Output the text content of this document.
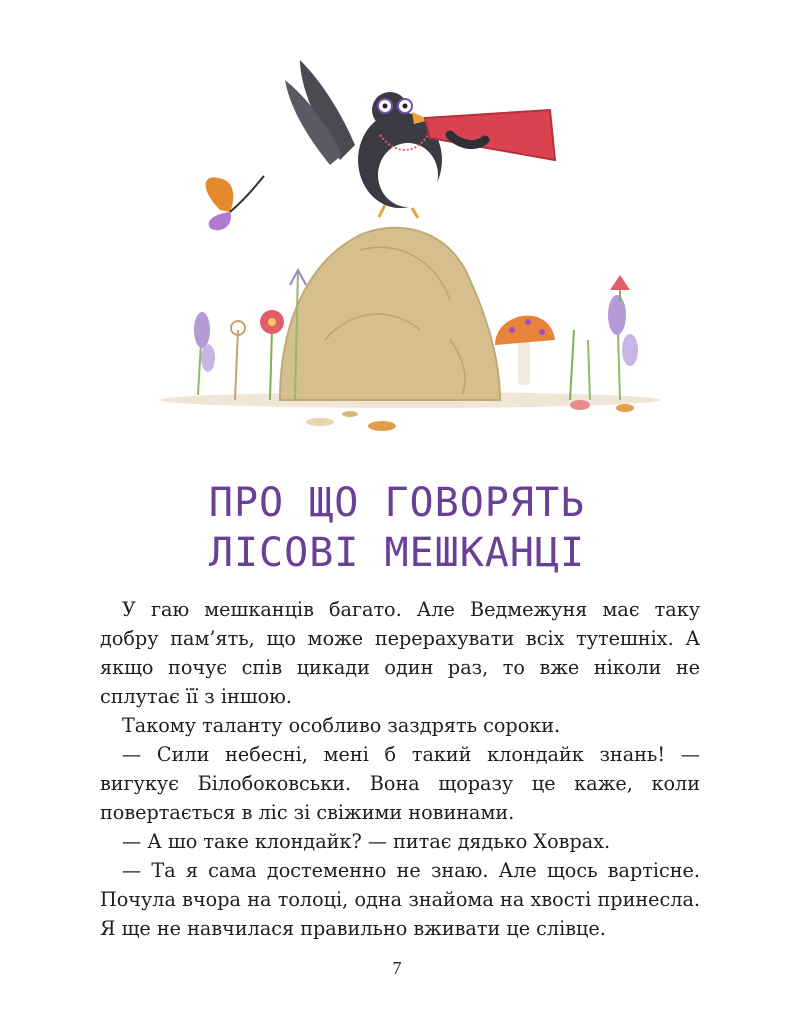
ПРО ЩО ГОВОРЯТЬ
ЛІСОВІ МЕШКАНЦІ

У гаю мешканців багато. Але Ведмежуня має таку добру пам’ять, що може перерахувати всіх тутешніх. А якщо почує спів цикади один раз, то вже ніколи не сплутає її з іншою.

Такому таланту особливо заздрять сороки.

— Сили небесні, мені б такий клондайк знань! — вигукує Білобоковськи. Вона щоразу це каже, коли повертається в ліс зі свіжими новинами.

— А шо таке клондайк? — питає дядько Ховрах.

— Та я сама достеменно не знаю. Але щось вартісне. Почула вчора на толоці, одна знайома на хвості принесла. Я ще не навчилася правильно вживати це слівце.

7
